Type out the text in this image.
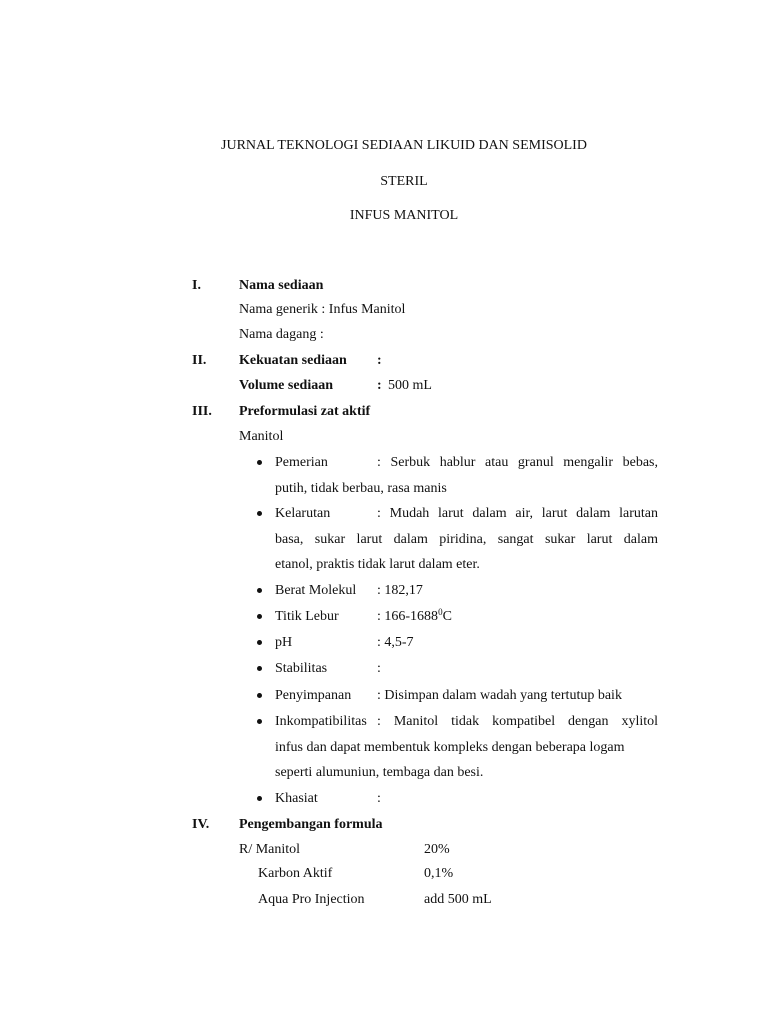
JURNAL TEKNOLOGI SEDIAAN LIKUID DAN SEMISOLID
STERIL
INFUS MANITOL
I.	Nama sediaan
Nama generik : Infus Manitol
Nama dagang :
II. Kekuatan sediaan :
Volume sediaan	: 500 mL
III. Preformulasi zat aktif
Manitol
Pemerian	: Serbuk hablur atau granul mengalir bebas,
putih, tidak berbau, rasa manis
Kelarutan	: Mudah larut dalam air, larut dalam larutan
basa, sukar larut dalam piridina, sangat sukar larut dalam
etanol, praktis tidak larut dalam eter.
Berat Molekul : 182,17
Titik Lebur	: 166-1688$^0$C
pH	: 4,5-7
Stabilitas	:
Penyimpanan : Disimpan dalam wadah yang tertutup baik
Inkompatibilitas : Manitol tidak kompatibel dengan xylitol
infus dan dapat membentuk kompleks dengan beberapa logam
seperti alumuniun, tembaga dan besi.
Khasiat	:
IV. Pengembangan formula
R/ Manitol	20%
Karbon Aktif	0,1%
Aqua Pro Injection	add 500 mL
